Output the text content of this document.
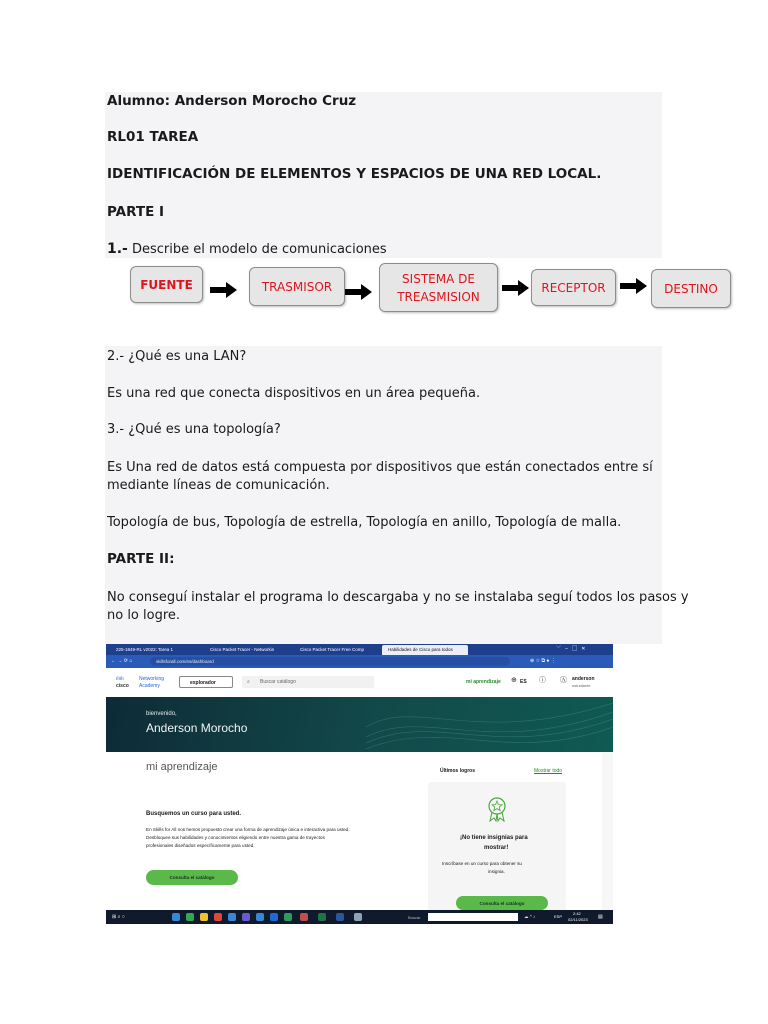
Alumno: Anderson Morocho Cruz
RL01 TAREA
IDENTIFICACIÓN DE ELEMENTOS Y ESPACIOS DE UNA RED LOCAL.
PARTE I
1.- Describe el modelo de comunicaciones
FUENTE	TRASMISOR
SISTEMA DE TREASMISION
RECEPTOR	DESTINO
2.- ¿Qué es una LAN?
Es una red que conecta dispositivos en un área pequeña.
3.- ¿Qué es una topología?
Es Una red de datos está compuesta por dispositivos que están conectados entre sí
mediante líneas de comunicación.
Topología de bus, Topología de estrella, Topología en anillo, Topología de malla.
PARTE II:
No conseguí instalar el programa lo descargaba y no se instalaba seguí todos los pasos y
no lo logre.
225-1849-RL v2022: Tarea 1	Cisco Packet Tracer - Networkin	Cisco Packet Tracer Free Comp	Habilidades de Cisco para todos	﹀   –   ▢   ✕
← → ⟳ ⌂	skillsforall.com/es/dashboard	⊕ ☆ ⧉ ● ⋮
ılıılı
cisco
Networking
Academy	explorador	⌕ Buscar catálogo	mi aprendizaje ⊕ ES ⓘ Ⓐ anderson
estudiante
bienvenido,
Anderson Morocho
mi aprendizaje	Últimos logros	Mostrar todo
Busquemos un curso para usted.
En Skills for All nos hemos propuesto crear una forma de aprendizaje única e interactiva para usted.
Desbloquee sus habilidades y conocimientos eligiendo entre nuestra gama de trayectos
profesionales diseñados específicamente para usted.
Consulta el catálogo
¡No tiene insignias para
mostrar!
Inscríbase en un curso para obtener su
insignia.
Consulta el catálogo
⊞ ⌕ ○	Buscar	☁ ^ ♪	ESP
2:42
02/11/2023 ▤
